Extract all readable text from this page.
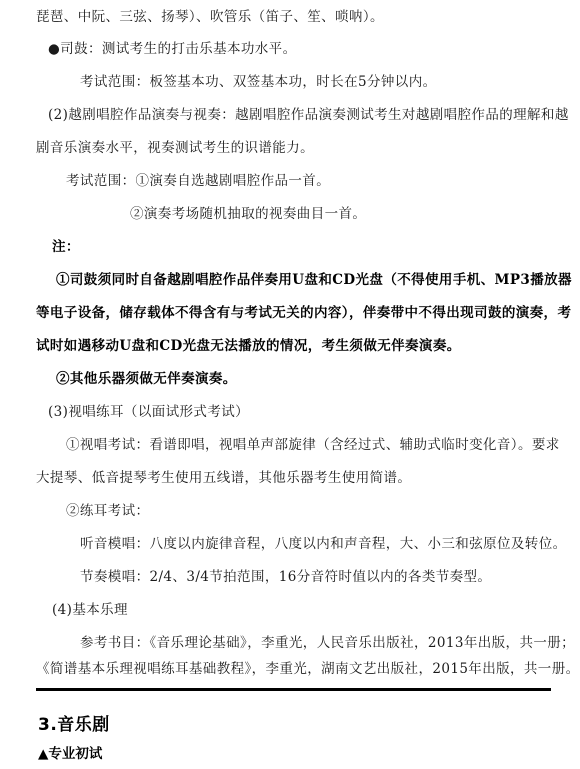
琵琶、中阮、三弦、扬琴）、吹管乐（笛子、笙、唢呐）。
●司鼓：测试考生的打击乐基本功水平。
考试范围：板签基本功、双签基本功，时长在5分钟以内。
(2)越剧唱腔作品演奏与视奏：越剧唱腔作品演奏测试考生对越剧唱腔作品的理解和越
剧音乐演奏水平，视奏测试考生的识谱能力。
考试范围：①演奏自选越剧唱腔作品一首。
②演奏考场随机抽取的视奏曲目一首。
注：
①司鼓须同时自备越剧唱腔作品伴奏用U盘和CD光盘（不得使用手机、MP3播放器
等电子设备，储存载体不得含有与考试无关的内容），伴奏带中不得出现司鼓的演奏，考
试时如遇移动U盘和CD光盘无法播放的情况，考生须做无伴奏演奏。
②其他乐器须做无伴奏演奏。
(3)视唱练耳（以面试形式考试）
①视唱考试：看谱即唱，视唱单声部旋律（含经过式、辅助式临时变化音）。要求
大提琴、低音提琴考生使用五线谱，其他乐器考生使用简谱。
②练耳考试：
听音模唱：八度以内旋律音程，八度以内和声音程，大、小三和弦原位及转位。
节奏模唱：2/4、3/4节拍范围，16分音符时值以内的各类节奏型。
(4)基本乐理
参考书目：《音乐理论基础》，李重光，人民音乐出版社，2013年出版，共一册；
《简谱基本乐理视唱练耳基础教程》，李重光，湖南文艺出版社，2015年出版，共一册。
3.音乐剧
▲专业初试
